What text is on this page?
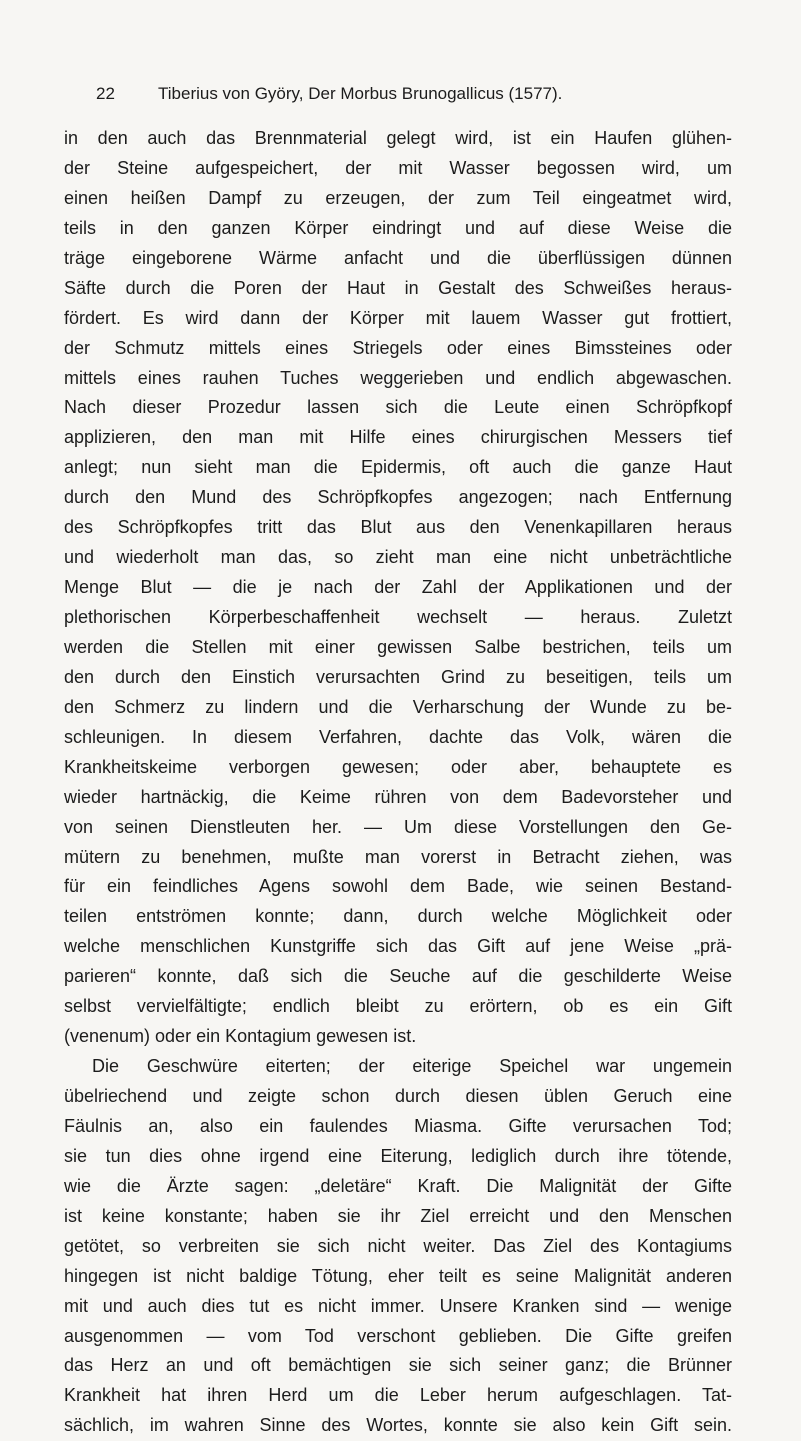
22	Tiberius von Györy, Der Morbus Brunogallicus (1577).
in den auch das Brennmaterial gelegt wird, ist ein Haufen glühen-
der Steine aufgespeichert, der mit Wasser begossen wird, um
einen heißen Dampf zu erzeugen, der zum Teil eingeatmet wird,
teils in den ganzen Körper eindringt und auf diese Weise die
träge eingeborene Wärme anfacht und die überflüssigen dünnen
Säfte durch die Poren der Haut in Gestalt des Schweißes heraus-
fördert. Es wird dann der Körper mit lauem Wasser gut frottiert,
der Schmutz mittels eines Striegels oder eines Bimssteines oder
mittels eines rauhen Tuches weggerieben und endlich abgewaschen.
Nach dieser Prozedur lassen sich die Leute einen Schröpfkopf
applizieren, den man mit Hilfe eines chirurgischen Messers tief
anlegt; nun sieht man die Epidermis, oft auch die ganze Haut
durch den Mund des Schröpfkopfes angezogen; nach Entfernung
des Schröpfkopfes tritt das Blut aus den Venenkapillaren heraus
und wiederholt man das, so zieht man eine nicht unbeträchtliche
Menge Blut — die je nach der Zahl der Applikationen und der
plethorischen Körperbeschaffenheit wechselt — heraus. Zuletzt
werden die Stellen mit einer gewissen Salbe bestrichen, teils um
den durch den Einstich verursachten Grind zu beseitigen, teils um
den Schmerz zu lindern und die Verharschung der Wunde zu be-
schleunigen. In diesem Verfahren, dachte das Volk, wären die
Krankheitskeime verborgen gewesen; oder aber, behauptete es
wieder hartnäckig, die Keime rühren von dem Badevorsteher und
von seinen Dienstleuten her. — Um diese Vorstellungen den Ge-
mütern zu benehmen, mußte man vorerst in Betracht ziehen, was
für ein feindliches Agens sowohl dem Bade, wie seinen Bestand-
teilen entströmen konnte; dann, durch welche Möglichkeit oder
welche menschlichen Kunstgriffe sich das Gift auf jene Weise „prä-
parieren“ konnte, daß sich die Seuche auf die geschilderte Weise
selbst vervielfältigte; endlich bleibt zu erörtern, ob es ein Gift
(venenum) oder ein Kontagium gewesen ist.
Die Geschwüre eiterten; der eiterige Speichel war ungemein
übelriechend und zeigte schon durch diesen üblen Geruch eine
Fäulnis an, also ein faulendes Miasma. Gifte verursachen Tod;
sie tun dies ohne irgend eine Eiterung, lediglich durch ihre tötende,
wie die Ärzte sagen: „deletäre“ Kraft. Die Malignität der Gifte
ist keine konstante; haben sie ihr Ziel erreicht und den Menschen
getötet, so verbreiten sie sich nicht weiter. Das Ziel des Kontagiums
hingegen ist nicht baldige Tötung, eher teilt es seine Malignität anderen
mit und auch dies tut es nicht immer. Unsere Kranken sind — wenige
ausgenommen — vom Tod verschont geblieben. Die Gifte greifen
das Herz an und oft bemächtigen sie sich seiner ganz; die Brünner
Krankheit hat ihren Herd um die Leber herum aufgeschlagen. Tat-
sächlich, im wahren Sinne des Wortes, konnte sie also kein Gift sein.
